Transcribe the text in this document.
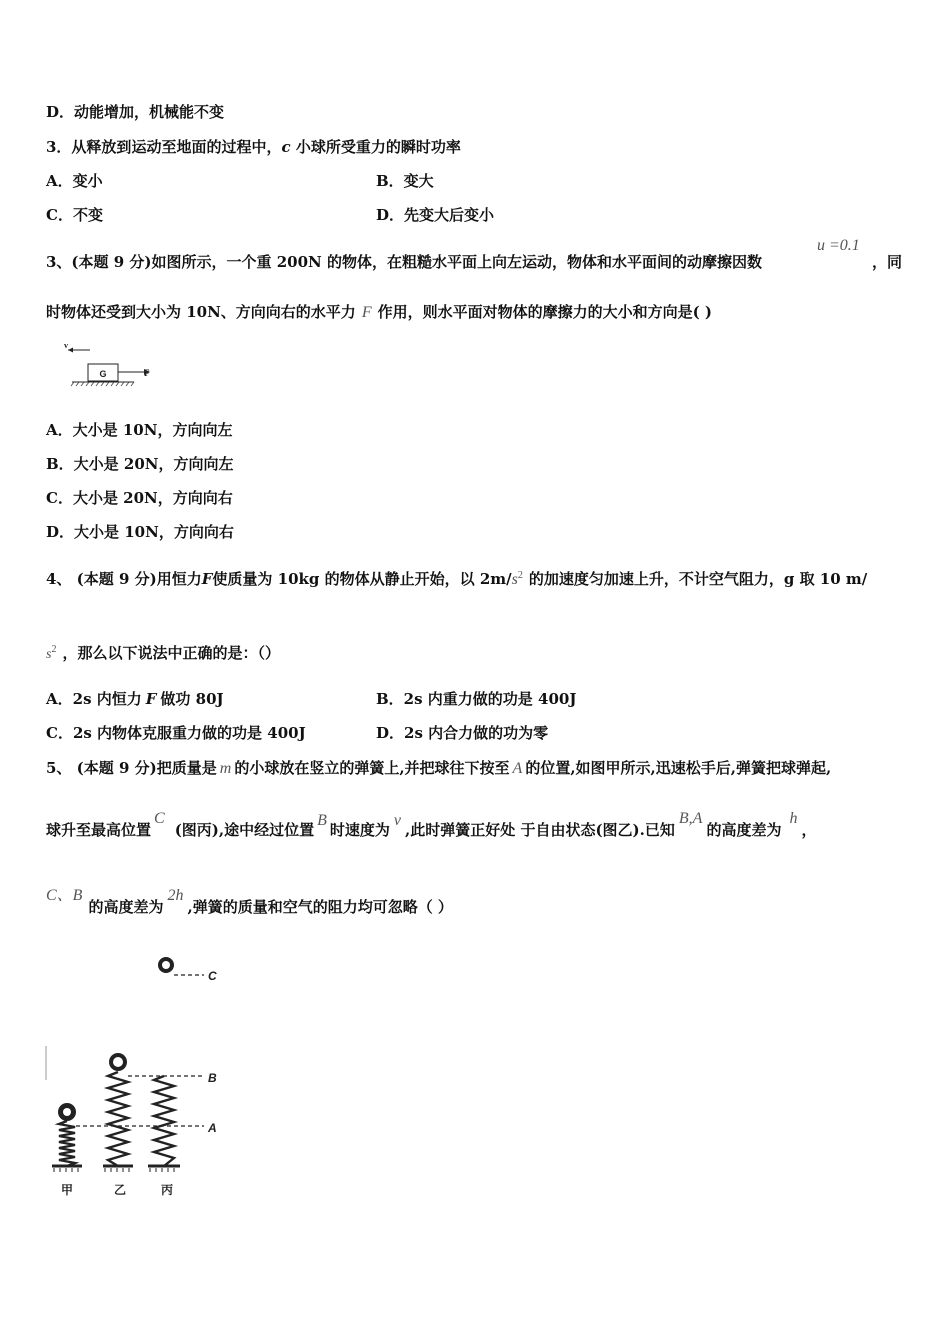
D．动能增加，机械能不变
3．从释放到运动至地面的过程中，c 小球所受重力的瞬时功率
A．变小	B．变大
C．不变	D．先变大后变小
3、(本题 9 分)如图所示，一个重 200N 的物体，在粗糙水平面上向左运动，物体和水平面间的动摩擦因数
u =0.1
，同
时物体还受到大小为 10N、方向向右的水平力 F 作用，则水平面对物体的摩擦力的大小和方向是( )
v
G	F
A．大小是 10N，方向向左
B．大小是 20N，方向向左
C．大小是 20N，方向向右
D．大小是 10N，方向向右
4、 (本题 9 分)用恒力F使质量为 10kg 的物体从静止开始，以 $2m/s^2$ 的加速度匀加速上升，不计空气阻力，g 取 10 m/
$s^2$ ，那么以下说法中正确的是：（）
A．2s 内恒力 F 做功 80J	B．2s 内重力做的功是 400J
C．2s 内物体克服重力做的功是 400J	D．2s 内合力做的功为零
5、 (本题 9 分)把质量是 m 的小球放在竖立的弹簧上,并把球往下按至 A 的位置,如图甲所示,迅速松手后,弹簧把球弹起,
球升至最高位置C(图丙),途中经过位置B时速度为v,此时弹簧正好处 于自由状态(图乙).已知B,A的高度差为h，
C、B的高度差为2h,弹簧的质量和空气的阻力均可忽略（ ）
C
甲	乙	丙
B
A
